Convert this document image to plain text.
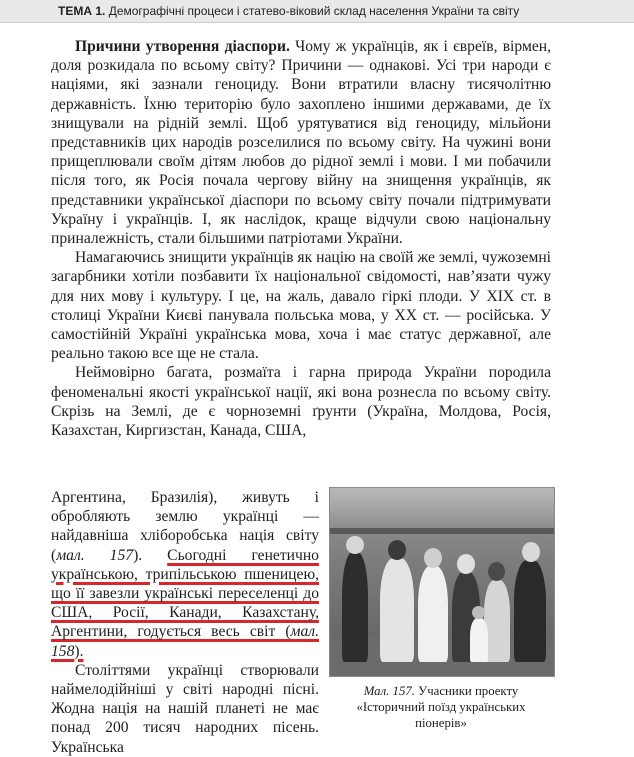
ТЕМА 1. Демографічні процеси і статево-віковий склад населення України та світу

Причини утворення діаспори. Чому ж українців, як і євреїв, вірмен, доля розкидала по всьому світу? Причини — однакові. Усі три народи є націями, які зазнали геноциду. Вони втратили власну тисячолітню державність. Їхню територію було захоплено іншими державами, де їх знищували на рідній землі. Щоб урятуватися від геноциду, мільйони представників цих народів розселилися по всьому світу. На чужині вони прищеплювали своїм дітям любов до рідної землі і мови. І ми побачили після того, як Росія почала чергову війну на знищення українців, як представники української діаспори по всьому світу почали підтримувати Україну і українців. І, як наслідок, краще відчули свою національну приналежність, стали більшими патріотами України.

Намагаючись знищити українців як націю на своїй же землі, чужоземні загарбники хотіли позбавити їх національної свідомості, нав’язати чужу для них мову і культуру. І це, на жаль, давало гіркі плоди. У XIX ст. в столиці України Києві панувала польська мова, у XX ст. — російська. У самостійній Україні українська мова, хоча і має статус державної, але реально такою все ще не стала.

Неймовірно багата, розмаїта і гарна природа України породила феноменальні якості української нації, які вона рознесла по всьому світу. Скрізь на Землі, де є чорноземні ґрунти (Україна, Молдова, Росія, Казахстан, Киргизстан, Канада, США,

Аргентина, Бразилія), живуть і обробляють землю українці — найдавніша хліборобська нація світу (мал. 157). Сьогодні генетично українською, трипільською пшеницею, що її завезли українські переселенці до США, Росії, Канади, Казахстану, Аргентини, годується весь світ (мал. 158).

Століттями українці створювали наймелодійніші у світі народні пісні. Жодна нація на нашій планеті не має понад 200 тисяч народних пісень. Українська

Мал. 157. Учасники проекту «Історичний поїзд українських піонерів»
